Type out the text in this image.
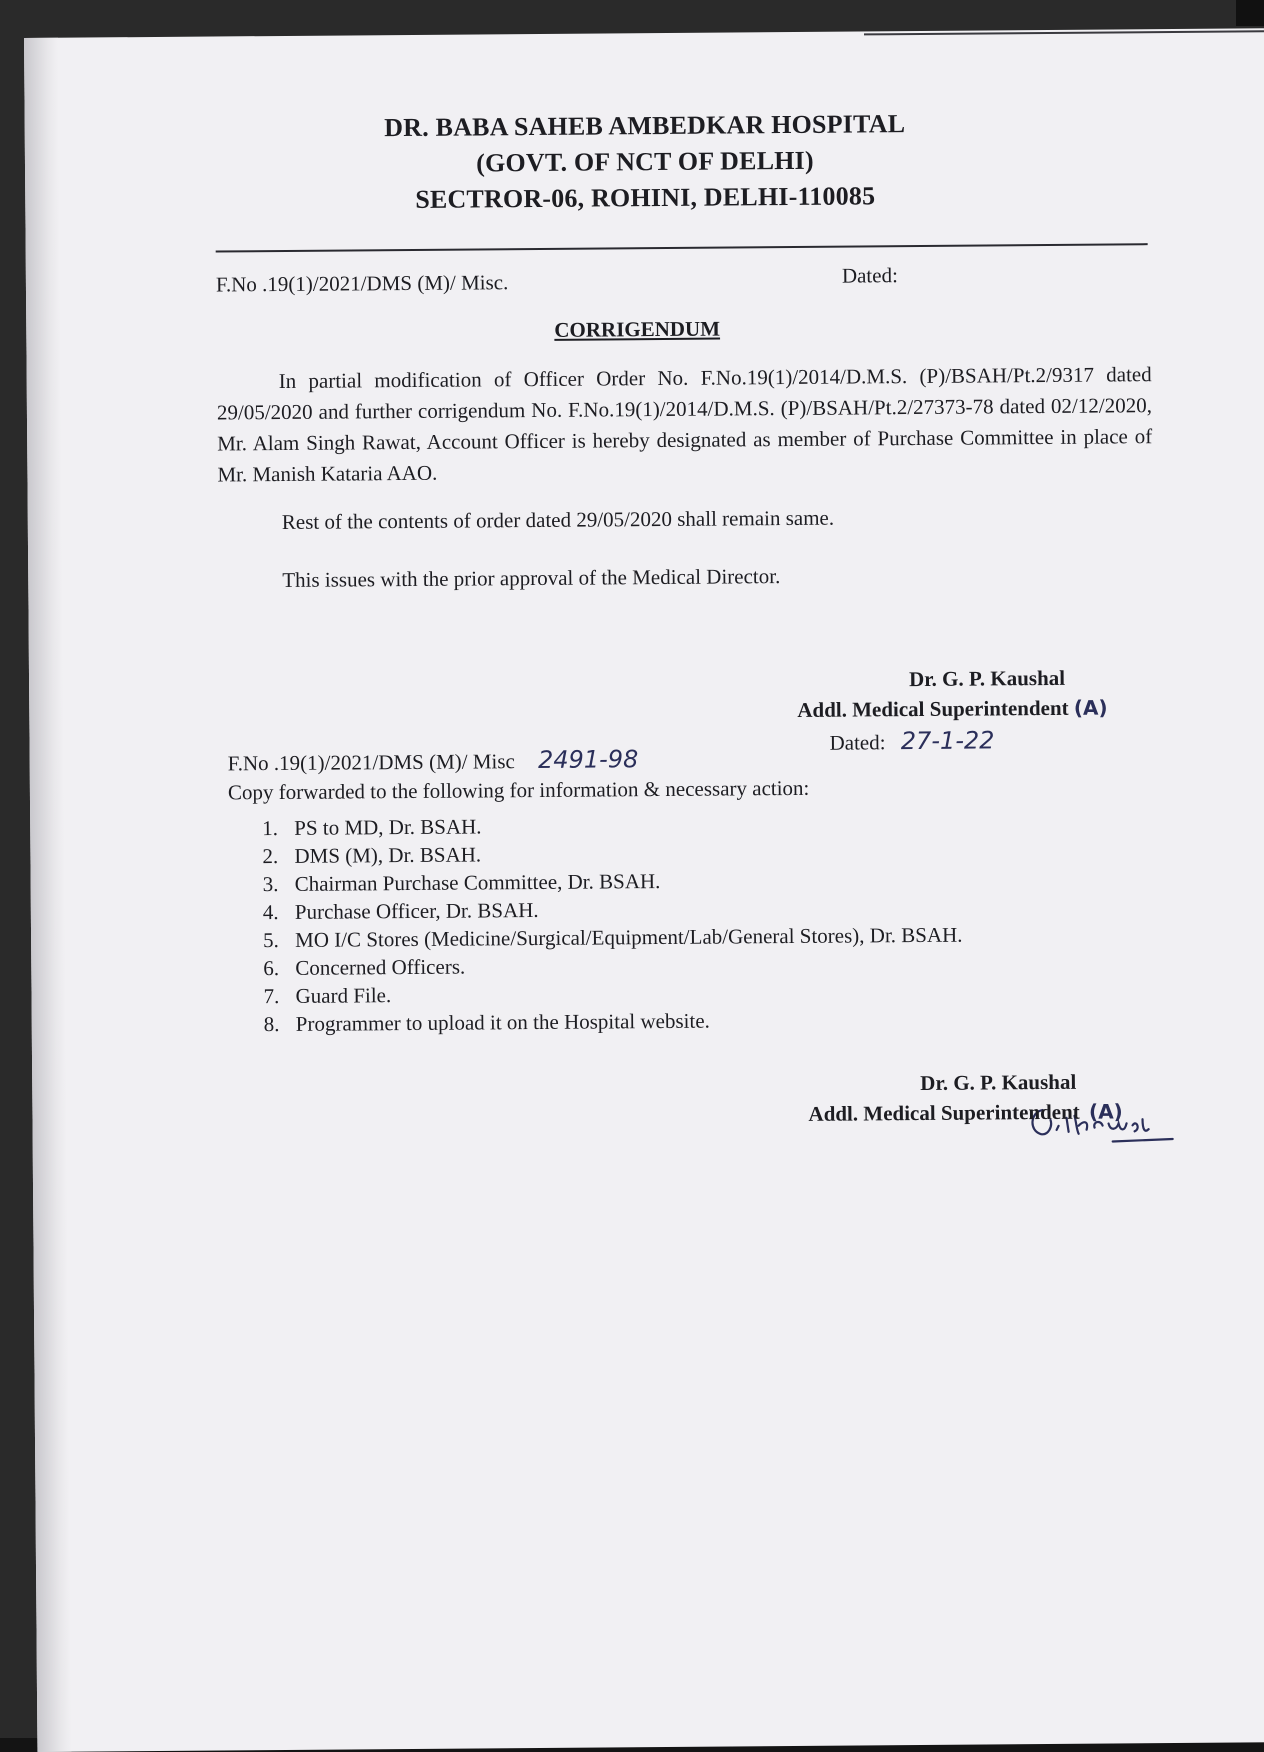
DR. BABA SAHEB AMBEDKAR HOSPITAL
(GOVT. OF NCT OF DELHI)
SECTROR-06, ROHINI, DELHI-110085
F.No .19(1)/2021/DMS (M)/ Misc.	Dated:
CORRIGENDUM
In partial modification of Officer Order No. F.No.19(1)/2014/D.M.S. (P)/BSAH/Pt.2/9317 dated 29/05/2020 and further corrigendum No. F.No.19(1)/2014/D.M.S. (P)/BSAH/Pt.2/27373-78 dated 02/12/2020, Mr. Alam Singh Rawat, Account Officer is hereby designated as member of Purchase Committee in place of Mr. Manish Kataria AAO.
Rest of the contents of order dated 29/05/2020 shall remain same.
This issues with the prior approval of the Medical Director.
Dr. G. P. Kaushal
Addl. Medical Superintendent (A)
Dated: 27-1-22
F.No .19(1)/2021/DMS (M)/ Misc 2491-98
Copy forwarded to the following for information & necessary action:
1. PS to MD, Dr. BSAH.
2. DMS (M), Dr. BSAH.
3. Chairman Purchase Committee, Dr. BSAH.
4. Purchase Officer, Dr. BSAH.
5. MO I/C Stores (Medicine/Surgical/Equipment/Lab/General Stores), Dr. BSAH.
6. Concerned Officers.
7. Guard File.
8. Programmer to upload it on the Hospital website.
Dr. G. P. Kaushal
Addl. Medical Superintendent (A)
